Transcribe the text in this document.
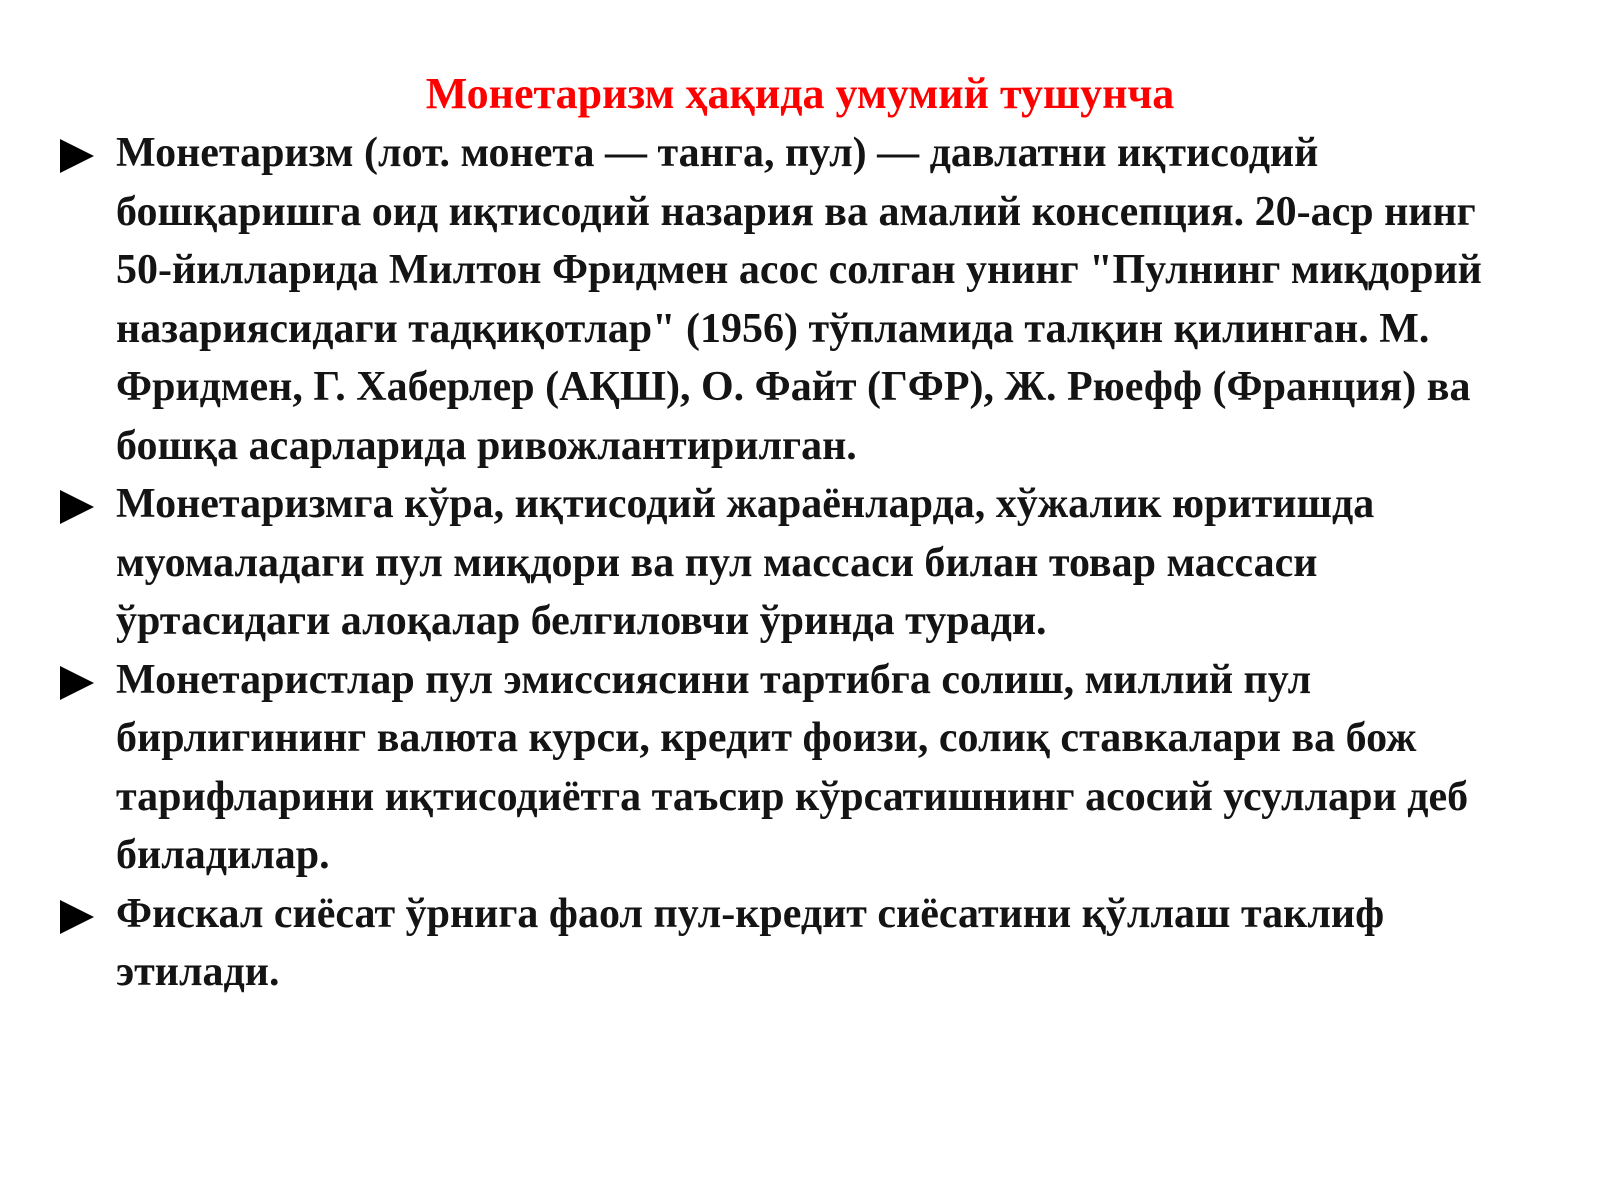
Монетаризм ҳақида умумий тушунча
Монетаризм (лот. монета — танга, пул) — давлатни иқтисодий бошқаришга оид иқтисодий назария ва амалий консепция. 20-аср нинг 50-йилларида Милтон Фридмен асос солган унинг "Пулнинг миқдорий назариясидаги тадқиқотлар" (1956) тўпламида талқин қилинган. М. Фридмен, Г. Хаберлер (АҚШ), О. Файт (ГФР), Ж. Рюефф (Франция) ва бошқа асарларида ривожлантирилган.
Монетаризмга кўра, иқтисодий жараёнларда, хўжалик юритишда муомаладаги пул миқдори ва пул массаси билан товар массаси ўртасидаги алоқалар белгиловчи ўринда туради.
Монетаристлар пул эмиссиясини тартибга солиш, миллий пул бирлигининг валюта курси, кредит фоизи, солиқ ставкалари ва бож тарифларини иқтисодиётга таъсир кўрсатишнинг асосий усуллари деб биладилар.
Фискал сиёсат ўрнига фаол пул-кредит сиёсатини қўллаш таклиф этилади.
